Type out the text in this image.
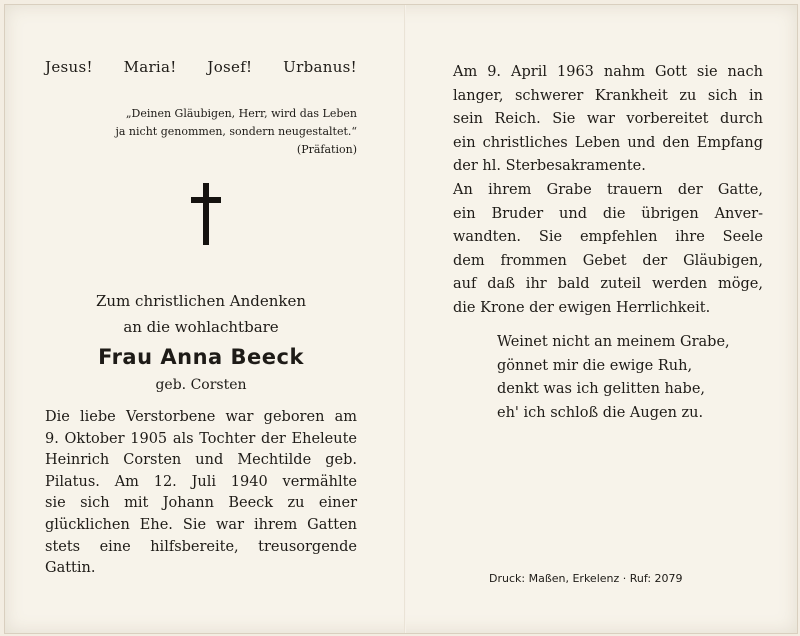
Jesus! Maria! Josef! Urbanus!
„Deinen Gläubigen, Herr, wird das Leben
ja nicht genommen, sondern neugestaltet.“
(Präfation)
Zum christlichen Andenken
an die wohlachtbare
Frau Anna Beeck
geb. Corsten
Die liebe Verstorbene war geboren am
9. Oktober 1905 als Tochter der Eheleute
Heinrich Corsten und Mechtilde geb.
Pilatus. Am 12. Juli 1940 vermählte
sie sich mit Johann Beeck zu einer
glücklichen Ehe. Sie war ihrem Gatten
stets eine hilfsbereite, treusorgende
Gattin.
Am 9. April 1963 nahm Gott sie nach
langer, schwerer Krankheit zu sich in
sein Reich. Sie war vorbereitet durch
ein christliches Leben und den Empfang
der hl. Sterbesakramente.
An ihrem Grabe trauern der Gatte,
ein Bruder und die übrigen Anver-
wandten. Sie empfehlen ihre Seele
dem frommen Gebet der Gläubigen,
auf daß ihr bald zuteil werden möge,
die Krone der ewigen Herrlichkeit.
Weinet nicht an meinem Grabe,
gönnet mir die ewige Ruh,
denkt was ich gelitten habe,
eh' ich schloß die Augen zu.
Druck: Maßen, Erkelenz · Ruf: 2079
